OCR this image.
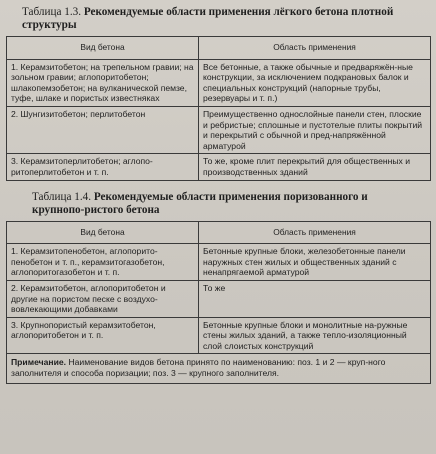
Таблица 1.3. Рекомендуемые области применения лёгкого бетона плотной структуры
Вид бетона	Область применения
1. Керамзитобетон; на трепельном гравии; на зольном гравии; аглопоритобетон; шлакопемзобетон; на вулканической пемзе, туфе, шлаке и пористых известняках	Все бетонные, а также обычные и предваряжён-ные конструкции, за исключением подкрановых балок и специальных конструкций (напорные трубы, резервуары и т. п.)
2. Шунгизитобетон; перлитобетон	Преимущественно однослойные панели стен, плоские и ребристые; сплошные и пустотелые плиты покрытий и перекрытий с обычной и пред-напряжённой арматурой
3. Керамзитоперлитобетон; аглопо-ритоперлитобетон и т. п.	То же, кроме плит перекрытий для общественных и производственных зданий
Таблица 1.4. Рекомендуемые области применения поризованного и крупнопо-ристого бетона
Вид бетона	Область применения
1. Керамзитопенобетон, аглопорито-пенобетон и т. п., керамзитогазобетон, аглопоритогазобетон и т. п.	Бетонные крупные блоки, железобетонные панели наружных стен жилых и общественных зданий с ненапрягаемой арматурой
2. Керамзитобетон, аглопоритобетон и другие на пористом песке с воздухо-вовлекающими добавками	То же
3. Крупнопористый керамзитобетон, аглопоритобетон и т. п.	Бетонные крупные блоки и монолитные на-ружные стены жилых зданий, а также тепло-изоляционный слой слоистых конструкций
Примечание. Наименование видов бетона принято по наименованию: поз. 1 и 2 — круп-ного заполнителя и способа поризации; поз. 3 — крупного заполнителя.	
